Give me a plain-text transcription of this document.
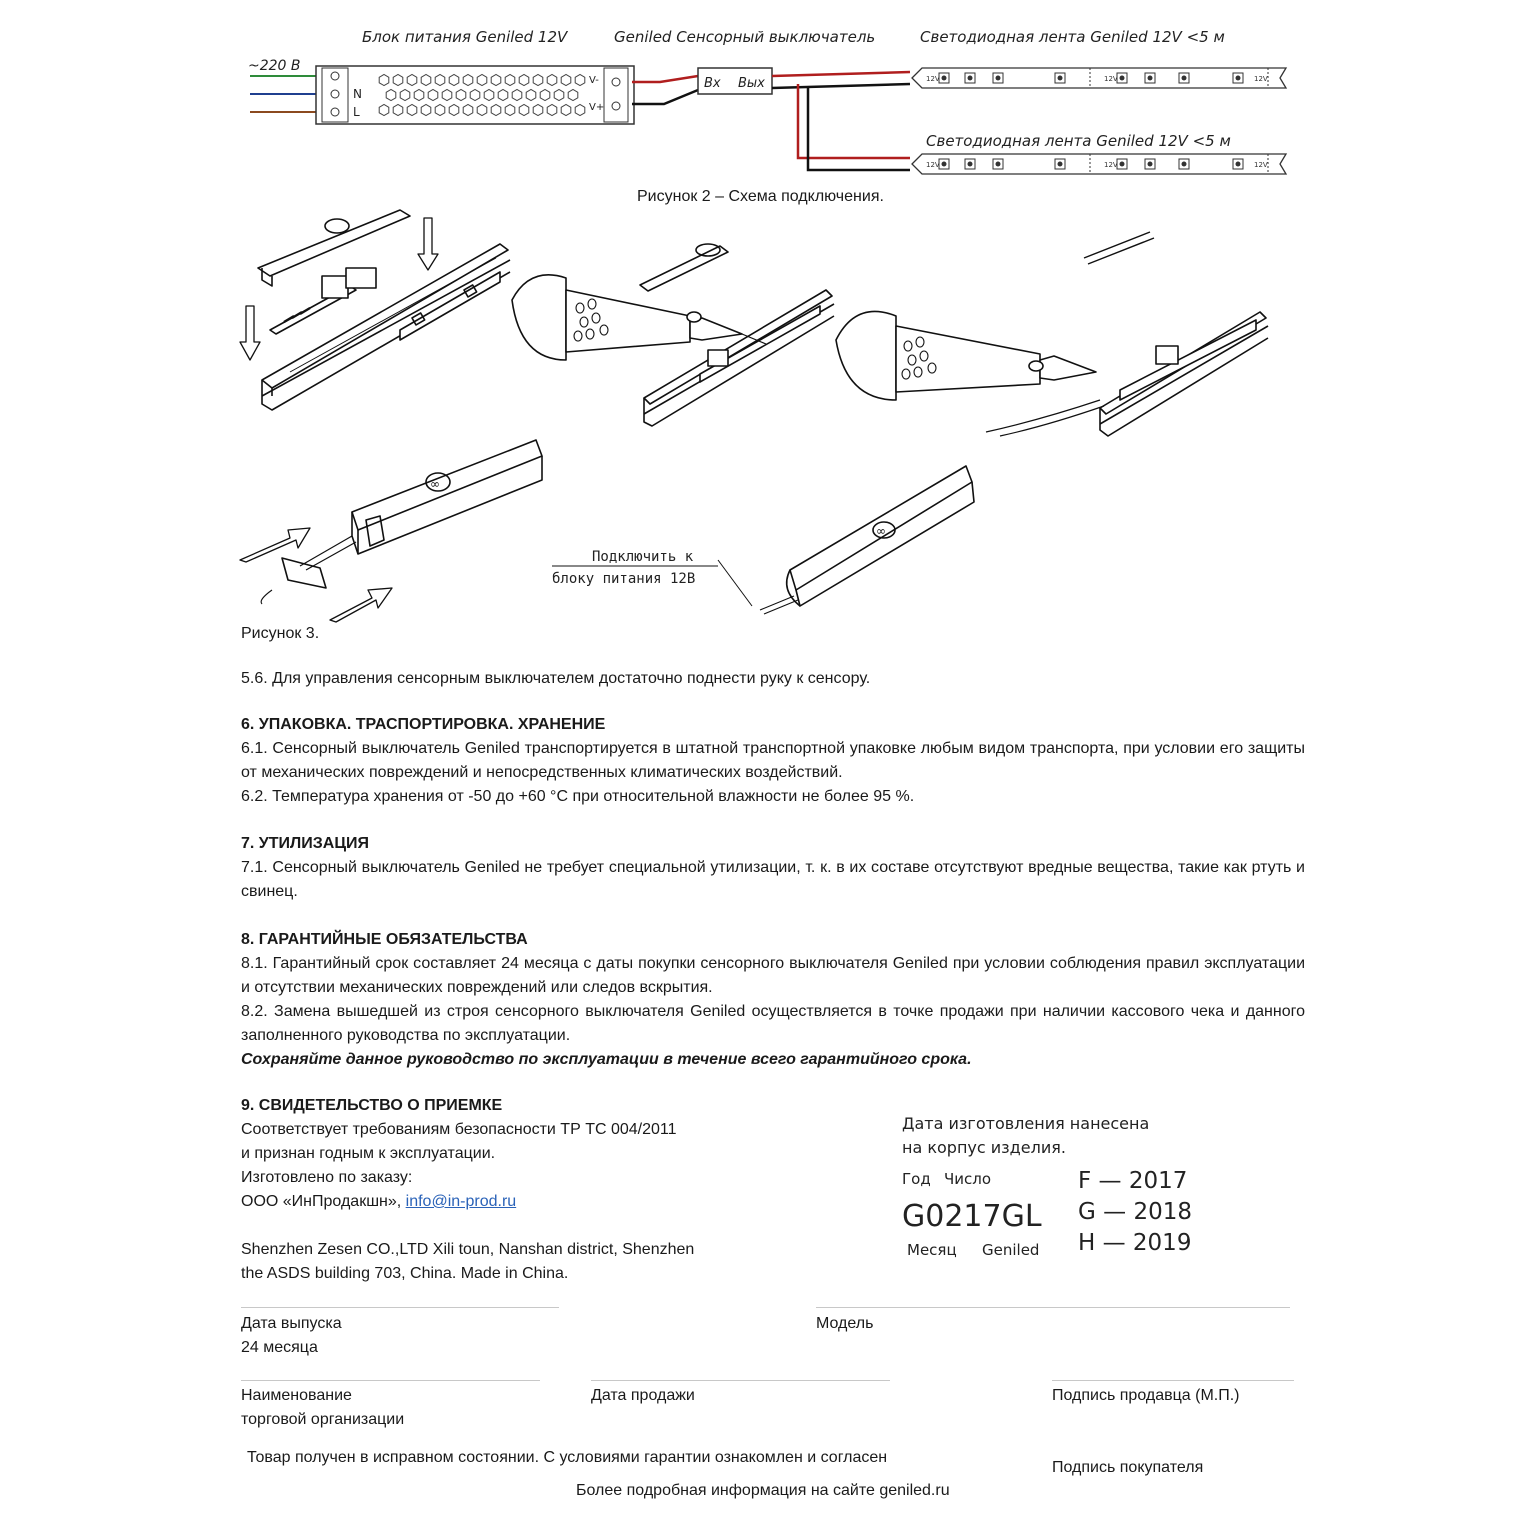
Блок питания Geniled 12V	Geniled Сенсорный выключатель	Светодиодная лента Geniled 12V <5 м
Светодиодная лента Geniled 12V <5 м
~220 В
N
L
V-
V+
Вх Вых	12V	12V	12V
12V	12V	12V
∞
∞
Подключить к
блоку питания 12В
Рисунок 2 – Схема подключения.
Рисунок 3.

5.6. Для управления сенсорным выключателем достаточно поднести руку к сенсору.

6. УПАКОВКА. ТРАСПОРТИРОВКА. ХРАНЕНИЕ

6.1. Сенсорный выключатель Geniled транспортируется в штатной транспортной упаковке любым видом транспорта, при условии его защиты от механических повреждений и непосредственных климатических воздействий.

6.2. Температура хранения от -50 до +60 °С при относительной влажности не более 95 %.

7. УТИЛИЗАЦИЯ

7.1. Сенсорный выключатель Geniled не требует специальной утилизации, т. к. в их составе отсутствуют вредные вещества, такие как ртуть и свинец.

8. ГАРАНТИЙНЫЕ ОБЯЗАТЕЛЬСТВА

8.1. Гарантийный срок составляет 24 месяца с даты покупки сенсорного выключателя Geniled при условии соблюдения правил эксплуатации и отсутствии механических повреждений или следов вскрытия.

8.2. Замена вышедшей из строя сенсорного выключателя Geniled осуществляется в точке продажи при наличии кассового чека и данного заполненного руководства по эксплуатации.

Сохраняйте данное руководство по эксплуатации в течение всего гарантийного срока.

9. СВИДЕТЕЛЬСТВО О ПРИЕМКЕ

Соответствует требованиям безопасности ТР ТС 004/2011

и признан годным к эксплуатации.

Изготовлено по заказу:

ООО «ИнПродакшн», info@in-prod.ru

Shenzhen Zesen CO.,LTD Xili toun, Nanshan district, Shenzhen

the ASDS building 703, China. Made in China.

Дата изготовления нанесена
на корпус изделия.
Год Число
G0217GL
Месяц Geniled
F — 2017
G — 2018
H — 2019
Дата выпуска
24 месяца
Модель
Наименование
торговой организации
Дата продажи	Подпись продавца (М.П.)
Товар получен в исправном состоянии. С условиями гарантии ознакомлен и согласен
Подпись покупателя
Более подробная информация на сайте geniled.ru
